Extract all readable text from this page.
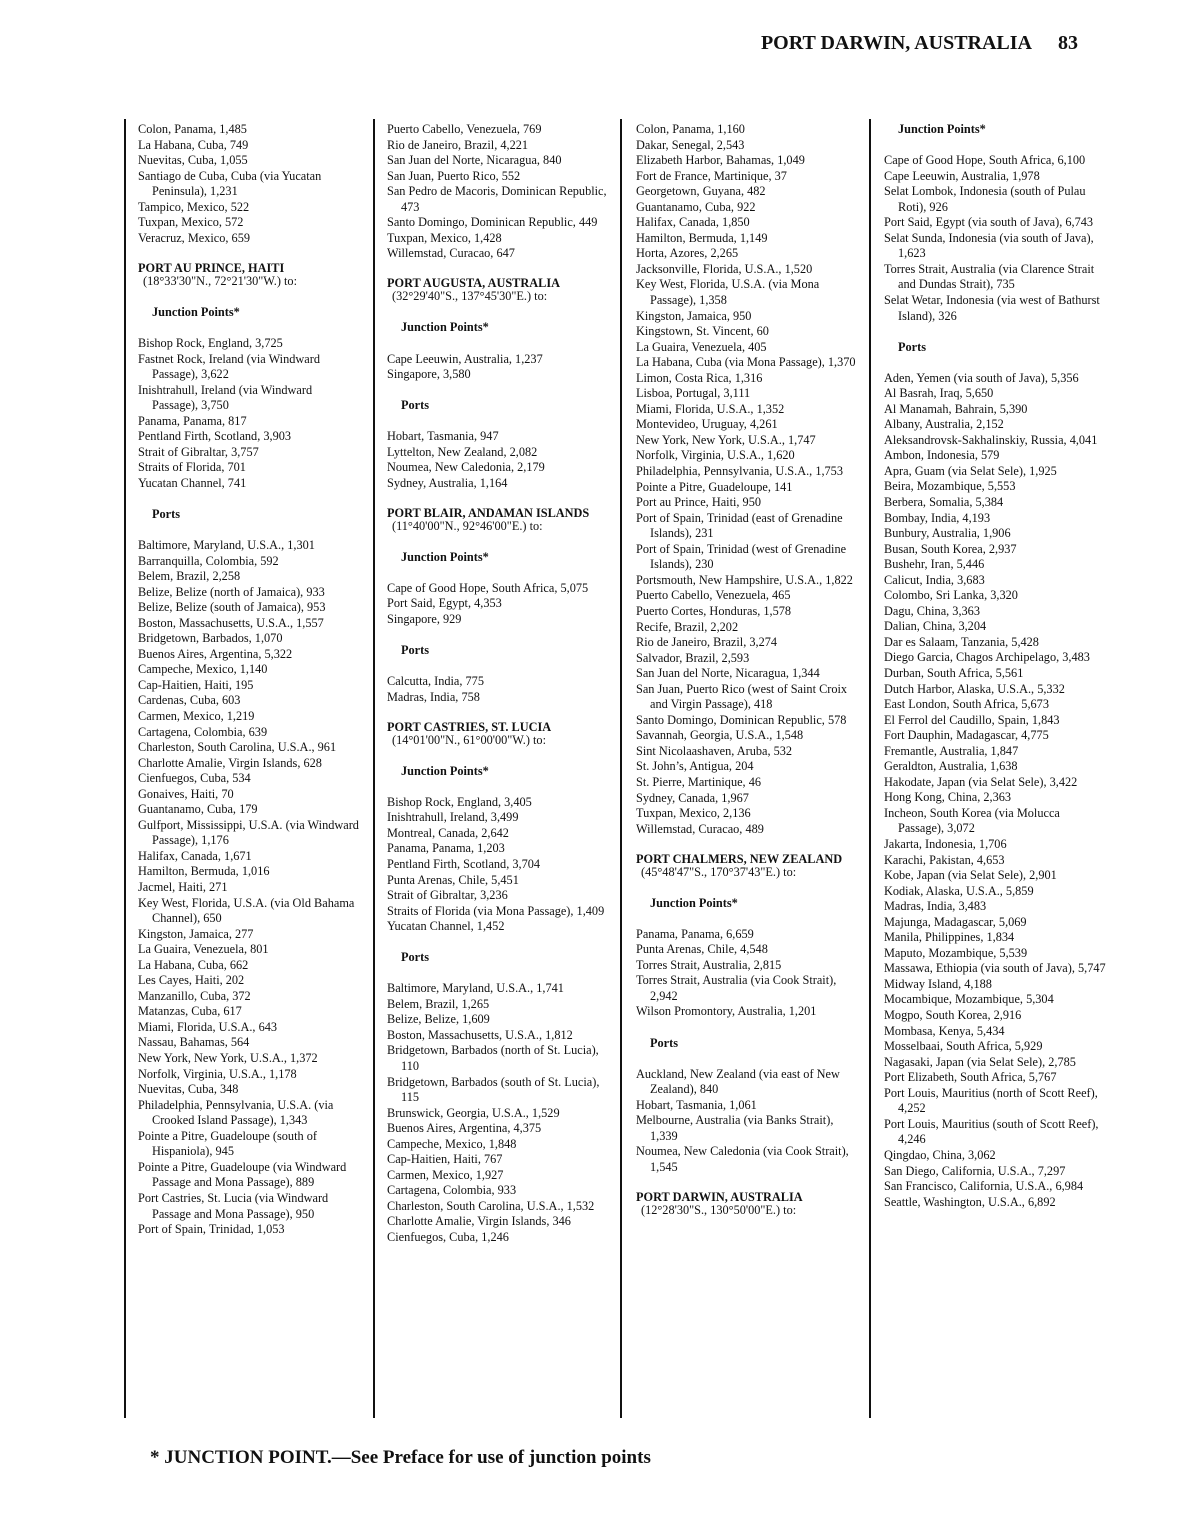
PORT DARWIN, AUSTRALIA 83
Colon, Panama, 1,485
La Habana, Cuba, 749
Nuevitas, Cuba, 1,055
Santiago de Cuba, Cuba (via Yucatan Peninsula), 1,231
Tampico, Mexico, 522
Tuxpan, Mexico, 572
Veracruz, Mexico, 659
PORT AU PRINCE, HAITI
(18°33'30"N., 72°21'30"W.) to:
Junction Points*
Bishop Rock, England, 3,725
Fastnet Rock, Ireland (via Windward Passage), 3,622
Inishtrahull, Ireland (via Windward Passage), 3,750
Panama, Panama, 817
Pentland Firth, Scotland, 3,903
Strait of Gibraltar, 3,757
Straits of Florida, 701
Yucatan Channel, 741
Ports
Baltimore, Maryland, U.S.A., 1,301
Barranquilla, Colombia, 592
Belem, Brazil, 2,258
Belize, Belize (north of Jamaica), 933
Belize, Belize (south of Jamaica), 953
Boston, Massachusetts, U.S.A., 1,557
Bridgetown, Barbados, 1,070
Buenos Aires, Argentina, 5,322
Campeche, Mexico, 1,140
Cap-Haitien, Haiti, 195
Cardenas, Cuba, 603
Carmen, Mexico, 1,219
Cartagena, Colombia, 639
Charleston, South Carolina, U.S.A., 961
Charlotte Amalie, Virgin Islands, 628
Cienfuegos, Cuba, 534
Gonaives, Haiti, 70
Guantanamo, Cuba, 179
Gulfport, Mississippi, U.S.A. (via Windward Passage), 1,176
Halifax, Canada, 1,671
Hamilton, Bermuda, 1,016
Jacmel, Haiti, 271
Key West, Florida, U.S.A. (via Old Bahama Channel), 650
Kingston, Jamaica, 277
La Guaira, Venezuela, 801
La Habana, Cuba, 662
Les Cayes, Haiti, 202
Manzanillo, Cuba, 372
Matanzas, Cuba, 617
Miami, Florida, U.S.A., 643
Nassau, Bahamas, 564
New York, New York, U.S.A., 1,372
Norfolk, Virginia, U.S.A., 1,178
Nuevitas, Cuba, 348
Philadelphia, Pennsylvania, U.S.A. (via Crooked Island Passage), 1,343
Pointe a Pitre, Guadeloupe (south of Hispaniola), 945
Pointe a Pitre, Guadeloupe (via Windward Passage and Mona Passage), 889
Port Castries, St. Lucia (via Windward Passage and Mona Passage), 950
Port of Spain, Trinidad, 1,053
Puerto Cabello, Venezuela, 769
Rio de Janeiro, Brazil, 4,221
San Juan del Norte, Nicaragua, 840
San Juan, Puerto Rico, 552
San Pedro de Macoris, Dominican Republic, 473
Santo Domingo, Dominican Republic, 449
Tuxpan, Mexico, 1,428
Willemstad, Curacao, 647
PORT AUGUSTA, AUSTRALIA
(32°29'40"S., 137°45'30"E.) to:
Junction Points*
Cape Leeuwin, Australia, 1,237
Singapore, 3,580
Ports
Hobart, Tasmania, 947
Lyttelton, New Zealand, 2,082
Noumea, New Caledonia, 2,179
Sydney, Australia, 1,164
PORT BLAIR, ANDAMAN ISLANDS
(11°40'00"N., 92°46'00"E.) to:
Junction Points*
Cape of Good Hope, South Africa, 5,075
Port Said, Egypt, 4,353
Singapore, 929
Ports
Calcutta, India, 775
Madras, India, 758
PORT CASTRIES, ST. LUCIA
(14°01'00"N., 61°00'00"W.) to:
Junction Points*
Bishop Rock, England, 3,405
Inishtrahull, Ireland, 3,499
Montreal, Canada, 2,642
Panama, Panama, 1,203
Pentland Firth, Scotland, 3,704
Punta Arenas, Chile, 5,451
Strait of Gibraltar, 3,236
Straits of Florida (via Mona Passage), 1,409
Yucatan Channel, 1,452
Ports
Baltimore, Maryland, U.S.A., 1,741
Belem, Brazil, 1,265
Belize, Belize, 1,609
Boston, Massachusetts, U.S.A., 1,812
Bridgetown, Barbados (north of St. Lucia), 110
Bridgetown, Barbados (south of St. Lucia), 115
Brunswick, Georgia, U.S.A., 1,529
Buenos Aires, Argentina, 4,375
Campeche, Mexico, 1,848
Cap-Haitien, Haiti, 767
Carmen, Mexico, 1,927
Cartagena, Colombia, 933
Charleston, South Carolina, U.S.A., 1,532
Charlotte Amalie, Virgin Islands, 346
Cienfuegos, Cuba, 1,246
Colon, Panama, 1,160
Dakar, Senegal, 2,543
Elizabeth Harbor, Bahamas, 1,049
Fort de France, Martinique, 37
Georgetown, Guyana, 482
Guantanamo, Cuba, 922
Halifax, Canada, 1,850
Hamilton, Bermuda, 1,149
Horta, Azores, 2,265
Jacksonville, Florida, U.S.A., 1,520
Key West, Florida, U.S.A. (via Mona Passage), 1,358
Kingston, Jamaica, 950
Kingstown, St. Vincent, 60
La Guaira, Venezuela, 405
La Habana, Cuba (via Mona Passage), 1,370
Limon, Costa Rica, 1,316
Lisboa, Portugal, 3,111
Miami, Florida, U.S.A., 1,352
Montevideo, Uruguay, 4,261
New York, New York, U.S.A., 1,747
Norfolk, Virginia, U.S.A., 1,620
Philadelphia, Pennsylvania, U.S.A., 1,753
Pointe a Pitre, Guadeloupe, 141
Port au Prince, Haiti, 950
Port of Spain, Trinidad (east of Grenadine Islands), 231
Port of Spain, Trinidad (west of Grenadine Islands), 230
Portsmouth, New Hampshire, U.S.A., 1,822
Puerto Cabello, Venezuela, 465
Puerto Cortes, Honduras, 1,578
Recife, Brazil, 2,202
Rio de Janeiro, Brazil, 3,274
Salvador, Brazil, 2,593
San Juan del Norte, Nicaragua, 1,344
San Juan, Puerto Rico (west of Saint Croix and Virgin Passage), 418
Santo Domingo, Dominican Republic, 578
Savannah, Georgia, U.S.A., 1,548
Sint Nicolaashaven, Aruba, 532
St. John’s, Antigua, 204
St. Pierre, Martinique, 46
Sydney, Canada, 1,967
Tuxpan, Mexico, 2,136
Willemstad, Curacao, 489
PORT CHALMERS, NEW ZEALAND
(45°48'47"S., 170°37'43"E.) to:
Junction Points*
Panama, Panama, 6,659
Punta Arenas, Chile, 4,548
Torres Strait, Australia, 2,815
Torres Strait, Australia (via Cook Strait), 2,942
Wilson Promontory, Australia, 1,201
Ports
Auckland, New Zealand (via east of New Zealand), 840
Hobart, Tasmania, 1,061
Melbourne, Australia (via Banks Strait), 1,339
Noumea, New Caledonia (via Cook Strait), 1,545
PORT DARWIN, AUSTRALIA
(12°28'30"S., 130°50'00"E.) to:
Junction Points*
Cape of Good Hope, South Africa, 6,100
Cape Leeuwin, Australia, 1,978
Selat Lombok, Indonesia (south of Pulau Roti), 926
Port Said, Egypt (via south of Java), 6,743
Selat Sunda, Indonesia (via south of Java), 1,623
Torres Strait, Australia (via Clarence Strait and Dundas Strait), 735
Selat Wetar, Indonesia (via west of Bathurst Island), 326
Ports
Aden, Yemen (via south of Java), 5,356
Al Basrah, Iraq, 5,650
Al Manamah, Bahrain, 5,390
Albany, Australia, 2,152
Aleksandrovsk-Sakhalinskiy, Russia, 4,041
Ambon, Indonesia, 579
Apra, Guam (via Selat Sele), 1,925
Beira, Mozambique, 5,553
Berbera, Somalia, 5,384
Bombay, India, 4,193
Bunbury, Australia, 1,906
Busan, South Korea, 2,937
Bushehr, Iran, 5,446
Calicut, India, 3,683
Colombo, Sri Lanka, 3,320
Dagu, China, 3,363
Dalian, China, 3,204
Dar es Salaam, Tanzania, 5,428
Diego Garcia, Chagos Archipelago, 3,483
Durban, South Africa, 5,561
Dutch Harbor, Alaska, U.S.A., 5,332
East London, South Africa, 5,673
El Ferrol del Caudillo, Spain, 1,843
Fort Dauphin, Madagascar, 4,775
Fremantle, Australia, 1,847
Geraldton, Australia, 1,638
Hakodate, Japan (via Selat Sele), 3,422
Hong Kong, China, 2,363
Incheon, South Korea (via Molucca Passage), 3,072
Jakarta, Indonesia, 1,706
Karachi, Pakistan, 4,653
Kobe, Japan (via Selat Sele), 2,901
Kodiak, Alaska, U.S.A., 5,859
Madras, India, 3,483
Majunga, Madagascar, 5,069
Manila, Philippines, 1,834
Maputo, Mozambique, 5,539
Massawa, Ethiopia (via south of Java), 5,747
Midway Island, 4,188
Mocambique, Mozambique, 5,304
Mogpo, South Korea, 2,916
Mombasa, Kenya, 5,434
Mosselbaai, South Africa, 5,929
Nagasaki, Japan (via Selat Sele), 2,785
Port Elizabeth, South Africa, 5,767
Port Louis, Mauritius (north of Scott Reef), 4,252
Port Louis, Mauritius (south of Scott Reef), 4,246
Qingdao, China, 3,062
San Diego, California, U.S.A., 7,297
San Francisco, California, U.S.A., 6,984
Seattle, Washington, U.S.A., 6,892
* JUNCTION POINT.—See Preface for use of junction points
